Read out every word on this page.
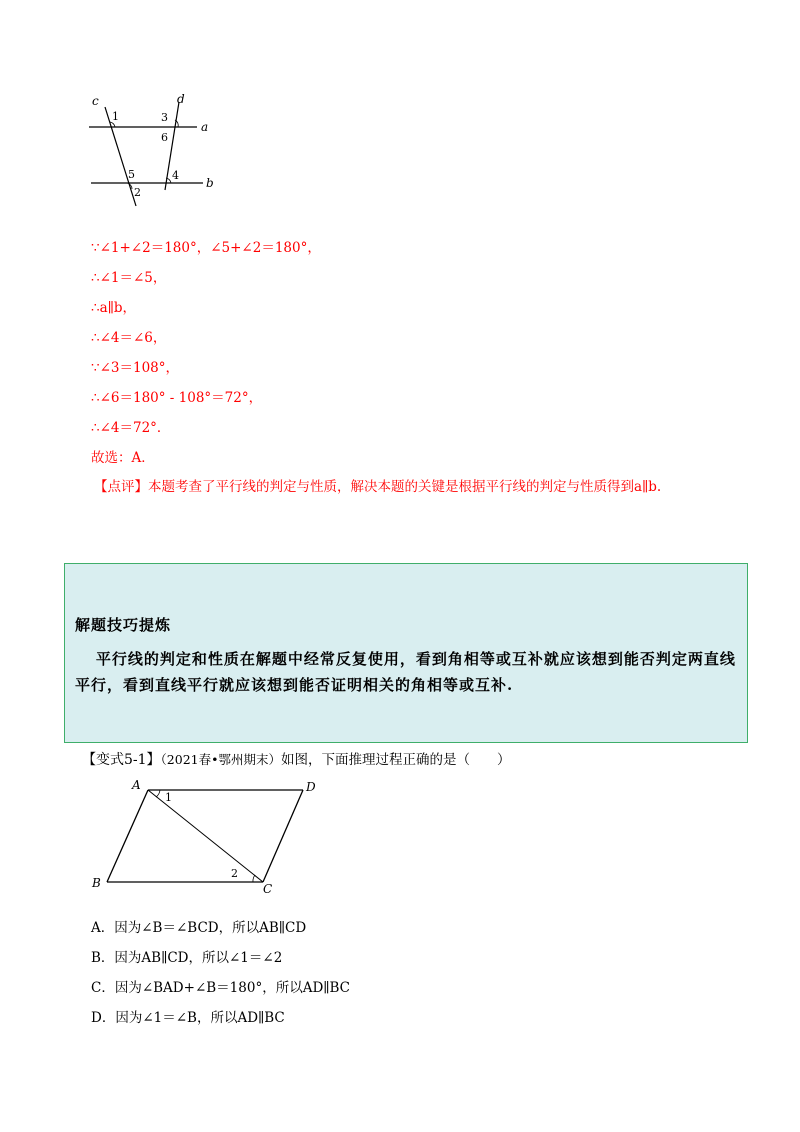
c	d
a
b
1
2
3
4
5
6
∵∠1+∠2＝180°，∠5+∠2＝180°，
∴∠1＝∠5，
∴a∥b，
∴∠4＝∠6，
∵∠3＝108°，
∴∠6＝180° - 108°＝72°，
∴∠4＝72°．
故选：A．
【点评】本题考查了平行线的判定与性质，解决本题的关键是根据平行线的判定与性质得到a∥b.
解题技巧提炼
平行线的判定和性质在解题中经常反复使用，看到角相等或互补就应该想到能否判定两直线平行，看到直线平行就应该想到能否证明相关的角相等或互补.
【变式5-1】（2021春•鄂州期末）如图，下面推理过程正确的是（　　）
A	D
B	C
1
2
A．因为∠B＝∠BCD，所以AB∥CD
B．因为AB∥CD，所以∠1＝∠2
C．因为∠BAD+∠B＝180°，所以AD∥BC
D．因为∠1＝∠B，所以AD∥BC
